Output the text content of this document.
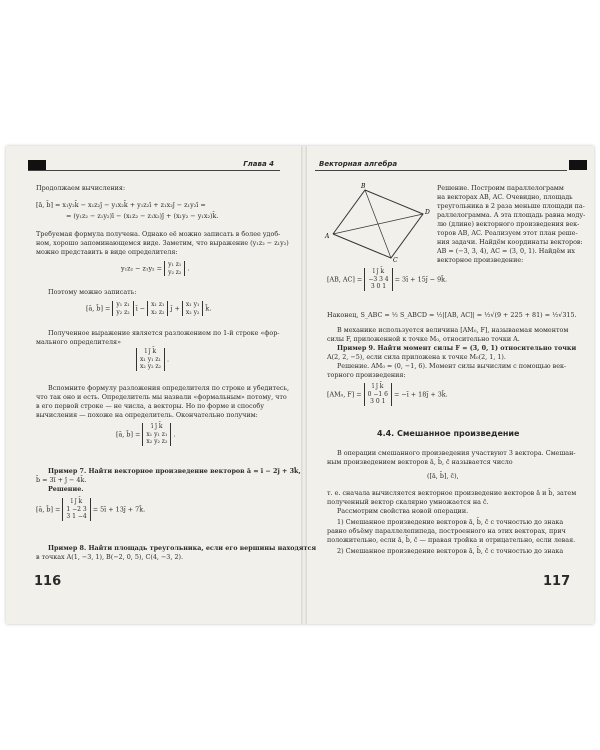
Глава 4
Продолжаем вычисления:
[ā, b̄] = x₁y₂k̄ − x₁z₂j̄ − y₁x₂k̄ + y₁z₂ī + z₁x₂j̄ − z₁y₂ī =
= (y₁z₂ − z₁y₂)ī − (x₁z₂ − z₁x₂)j̄ + (x₁y₂ − y₁x₂)k̄.
Требуемая формула получена. Однако её можно записать в более удоб-
ном, хорошо запоминающемся виде. Заметим, что выражение (y₁z₂ − z₁y₂)
можно представить в виде определителя:
y₁z₂ − z₁y₂ = y₁ z₁
y₂ z₂ .
Поэтому можно записать:
[ā, b̄] = y₁ z₁
y₂ z₂ ī − x₁ z₁
x₂ z₂ j̄ + x₁ y₁
x₂ y₂ k̄.
Полученное выражение является разложением по 1-й строке «фор-
мального определителя»
ī j̄ k̄
x₁ y₁ z₁
x₂ y₂ z₂
.
Вспомните формулу разложения определителя по строке и убедитесь,
что так оно и есть. Определитель мы назвали «формальным» потому, что
в его первой строке — не числа, а векторы. Но по форме и способу
вычисления — похоже на определитель. Окончательно получим:
[ā, b̄] =
ī j̄ k̄
x₁ y₁ z₁
x₂ y₂ z₂
.
Пример 7. Найти векторное произведение векторов ā = ī − 2j̄ + 3k̄,
b̄ = 3ī + j̄ − 4k̄.
Решение.
[ā, b̄] =
ī j̄ k̄
1 −2 3
3 1 −4
= 5ī + 13j̄ + 7k̄.
Пример 8. Найти площадь треугольника, если его вершины находятся
в точках A(1, −3, 1), B(−2, 0, 5), C(4, −3, 2).
116
Векторная алгебра
B
D
A
C
Решение. Построим параллелограмм
на векторах AB, AC. Очевидно, площадь
треугольника в 2 раза меньше площади па-
раллелограмма. А эта площадь равна моду-
лю (длине) векторного произведения век-
торов AB, AC. Реализуем этот план реше-
ния задачи. Найдём координаты векторов:
AB = (−3, 3, 4), AC = (3, 0, 1). Найдём их
векторное произведение:
[AB, AC] =
ī j̄ k̄
−3 3 4
3 0 1
= 3ī + 15j̄ − 9k̄.
Наконец, S_ABC = ½ S_ABCD = ½|[AB, AC]| = ½√(9 + 225 + 81) = ½√315.
В механике используется величина [AM₀, F], называемая моментом
силы F, приложенной к точке M₀, относительно точки A.
Пример 9. Найти момент силы F = (3, 0, 1) относительно точки
A(2, 2, −5), если сила приложена к точке M₀(2, 1, 1).
Решение. AM₀ = (0, −1, 6). Момент силы вычислим с помощью век-
торного произведения:
[AM₀, F] =
ī j̄ k̄
0 −1 6
3 0 1
= −ī + 18j̄ + 3k̄.
4.4. Смешанное произведение
В операции смешанного произведения участвуют 3 вектора. Смешан-
ным произведением векторов ā, b̄, c̄ называется число
([ā, b̄], c̄),
т. е. сначала вычисляется векторное произведение векторов ā и b̄, затем
полученный вектор скалярно умножается на c̄.
Рассмотрим свойства новой операции.
1) Смешанное произведение векторов ā, b̄, c̄ с точностью до знака
равно объёму параллелепипеда, построенного на этих векторах, прич
положительно, если ā, b̄, c̄ — правая тройка и отрицательно, если левая.
2) Смешанное произведение векторов ā, b̄, c̄ с точностью до знака
117
